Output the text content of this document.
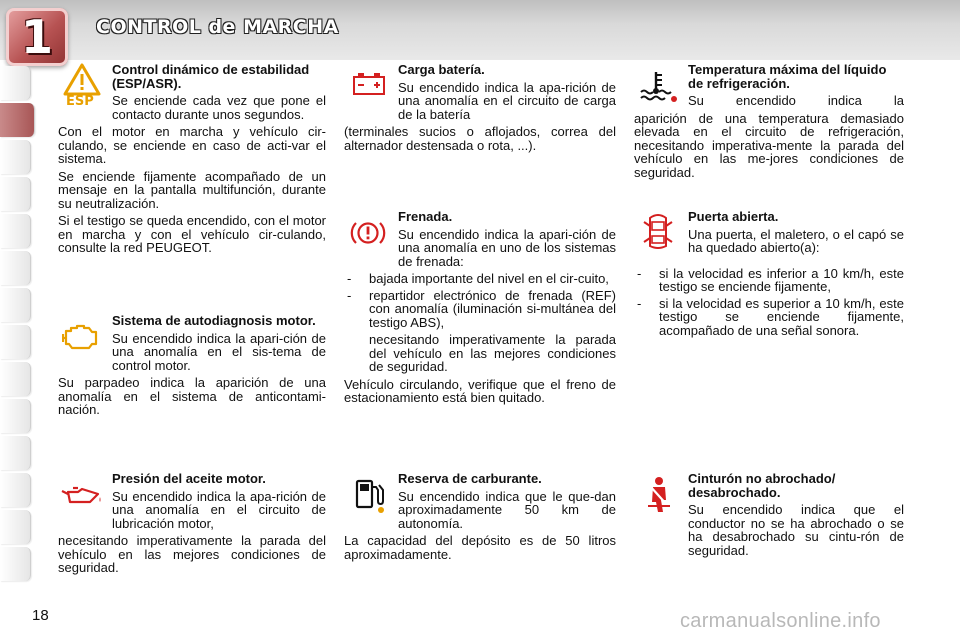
1 CONTROL de MARCHA
ESP

Control dinámico de estabilidad (ESP/ASR).

Se enciende cada vez que pone el contacto durante unos segundos.

Con el motor en marcha y vehículo cir-culando, se enciende en caso de acti-var el sistema.

Se enciende fijamente acompañado de un mensaje en la pantalla multifunción, durante su neutralización.

Si el testigo se queda encendido, con el motor en marcha y con el vehículo cir-culando, consulte la red PEUGEOT.

Sistema de autodiagnosis motor.

Su encendido indica la apari-ción de una anomalía en el sis-tema de control motor.

Su parpadeo indica la aparición de una anomalía en el sistema de anticontami-nación.

Presión del aceite motor.

Su encendido indica la apa-rición de una anomalía en el circuito de lubricación motor,

necesitando imperativamente la parada del vehículo en las mejores condiciones de seguridad.

Carga batería.

Su encendido indica la apa-rición de una anomalía en el circuito de carga de la batería

(terminales sucios o aflojados, correa del alternador destensada o rota, ...).

Frenada.

Su encendido indica la apari-ción de una anomalía en uno de los sistemas de frenada:

- bajada importante del nivel en el cir-cuito,
- repartidor electrónico de frenada (REF) con anomalía (iluminación si-multánea del testigo ABS),

necesitando imperativamente la parada del vehículo en las mejores condiciones de seguridad.

Vehículo circulando, verifique que el freno de estacionamiento está bien quitado.

Reserva de carburante.

Su encendido indica que le que-dan aproximadamente 50 km de autonomía.

La capacidad del depósito es de 50 litros aproximadamente.

Temperatura máxima del líquido de refrigeración.

Su encendido indica la

aparición de una temperatura demasiado elevada en el circuito de refrigeración, necesitando imperativa-mente la parada del vehículo en las me-jores condiciones de seguridad.

Puerta abierta.

Una puerta, el maletero, o el capó se ha quedado abierto(a):

- si la velocidad es inferior a 10 km/h, este testigo se enciende fijamente,
- si la velocidad es superior a 10 km/h, este testigo se enciende fijamente, acompañado de una señal sonora.

Cinturón no abrochado/ desabrochado.

Su encendido indica que el conductor no se ha abrochado o se ha desabrochado su cintu-rón de seguridad.

18	carmanualsonline.info
